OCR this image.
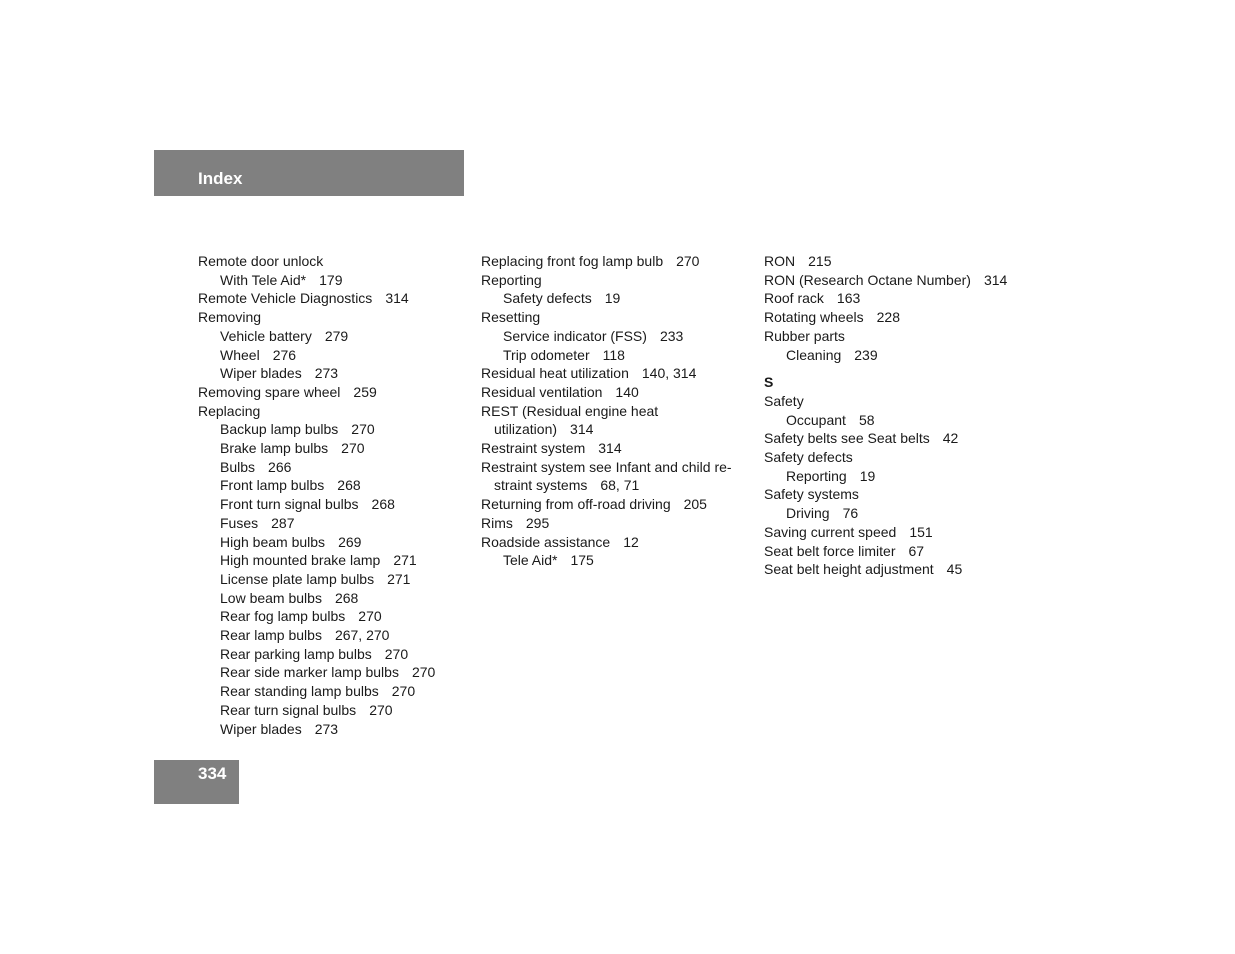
Index
Remote door unlock
With Tele Aid* 179
Remote Vehicle Diagnostics 314
Removing
Vehicle battery 279
Wheel 276
Wiper blades 273
Removing spare wheel 259
Replacing
Backup lamp bulbs 270
Brake lamp bulbs 270
Bulbs 266
Front lamp bulbs 268
Front turn signal bulbs 268
Fuses 287
High beam bulbs 269
High mounted brake lamp 271
License plate lamp bulbs 271
Low beam bulbs 268
Rear fog lamp bulbs 270
Rear lamp bulbs 267, 270
Rear parking lamp bulbs 270
Rear side marker lamp bulbs 270
Rear standing lamp bulbs 270
Rear turn signal bulbs 270
Wiper blades 273
Replacing front fog lamp bulb 270
Reporting
Safety defects 19
Resetting
Service indicator (FSS) 233
Trip odometer 118
Residual heat utilization 140, 314
Residual ventilation 140
REST (Residual engine heat utilization) 314
Restraint system 314
Restraint system see Infant and child re-straint systems 68, 71
Returning from off-road driving 205
Rims 295
Roadside assistance 12
Tele Aid* 175
RON 215
RON (Research Octane Number) 314
Roof rack 163
Rotating wheels 228
Rubber parts
Cleaning 239
S
Safety
Occupant 58
Safety belts see Seat belts 42
Safety defects
Reporting 19
Safety systems
Driving 76
Saving current speed 151
Seat belt force limiter 67
Seat belt height adjustment 45
334
